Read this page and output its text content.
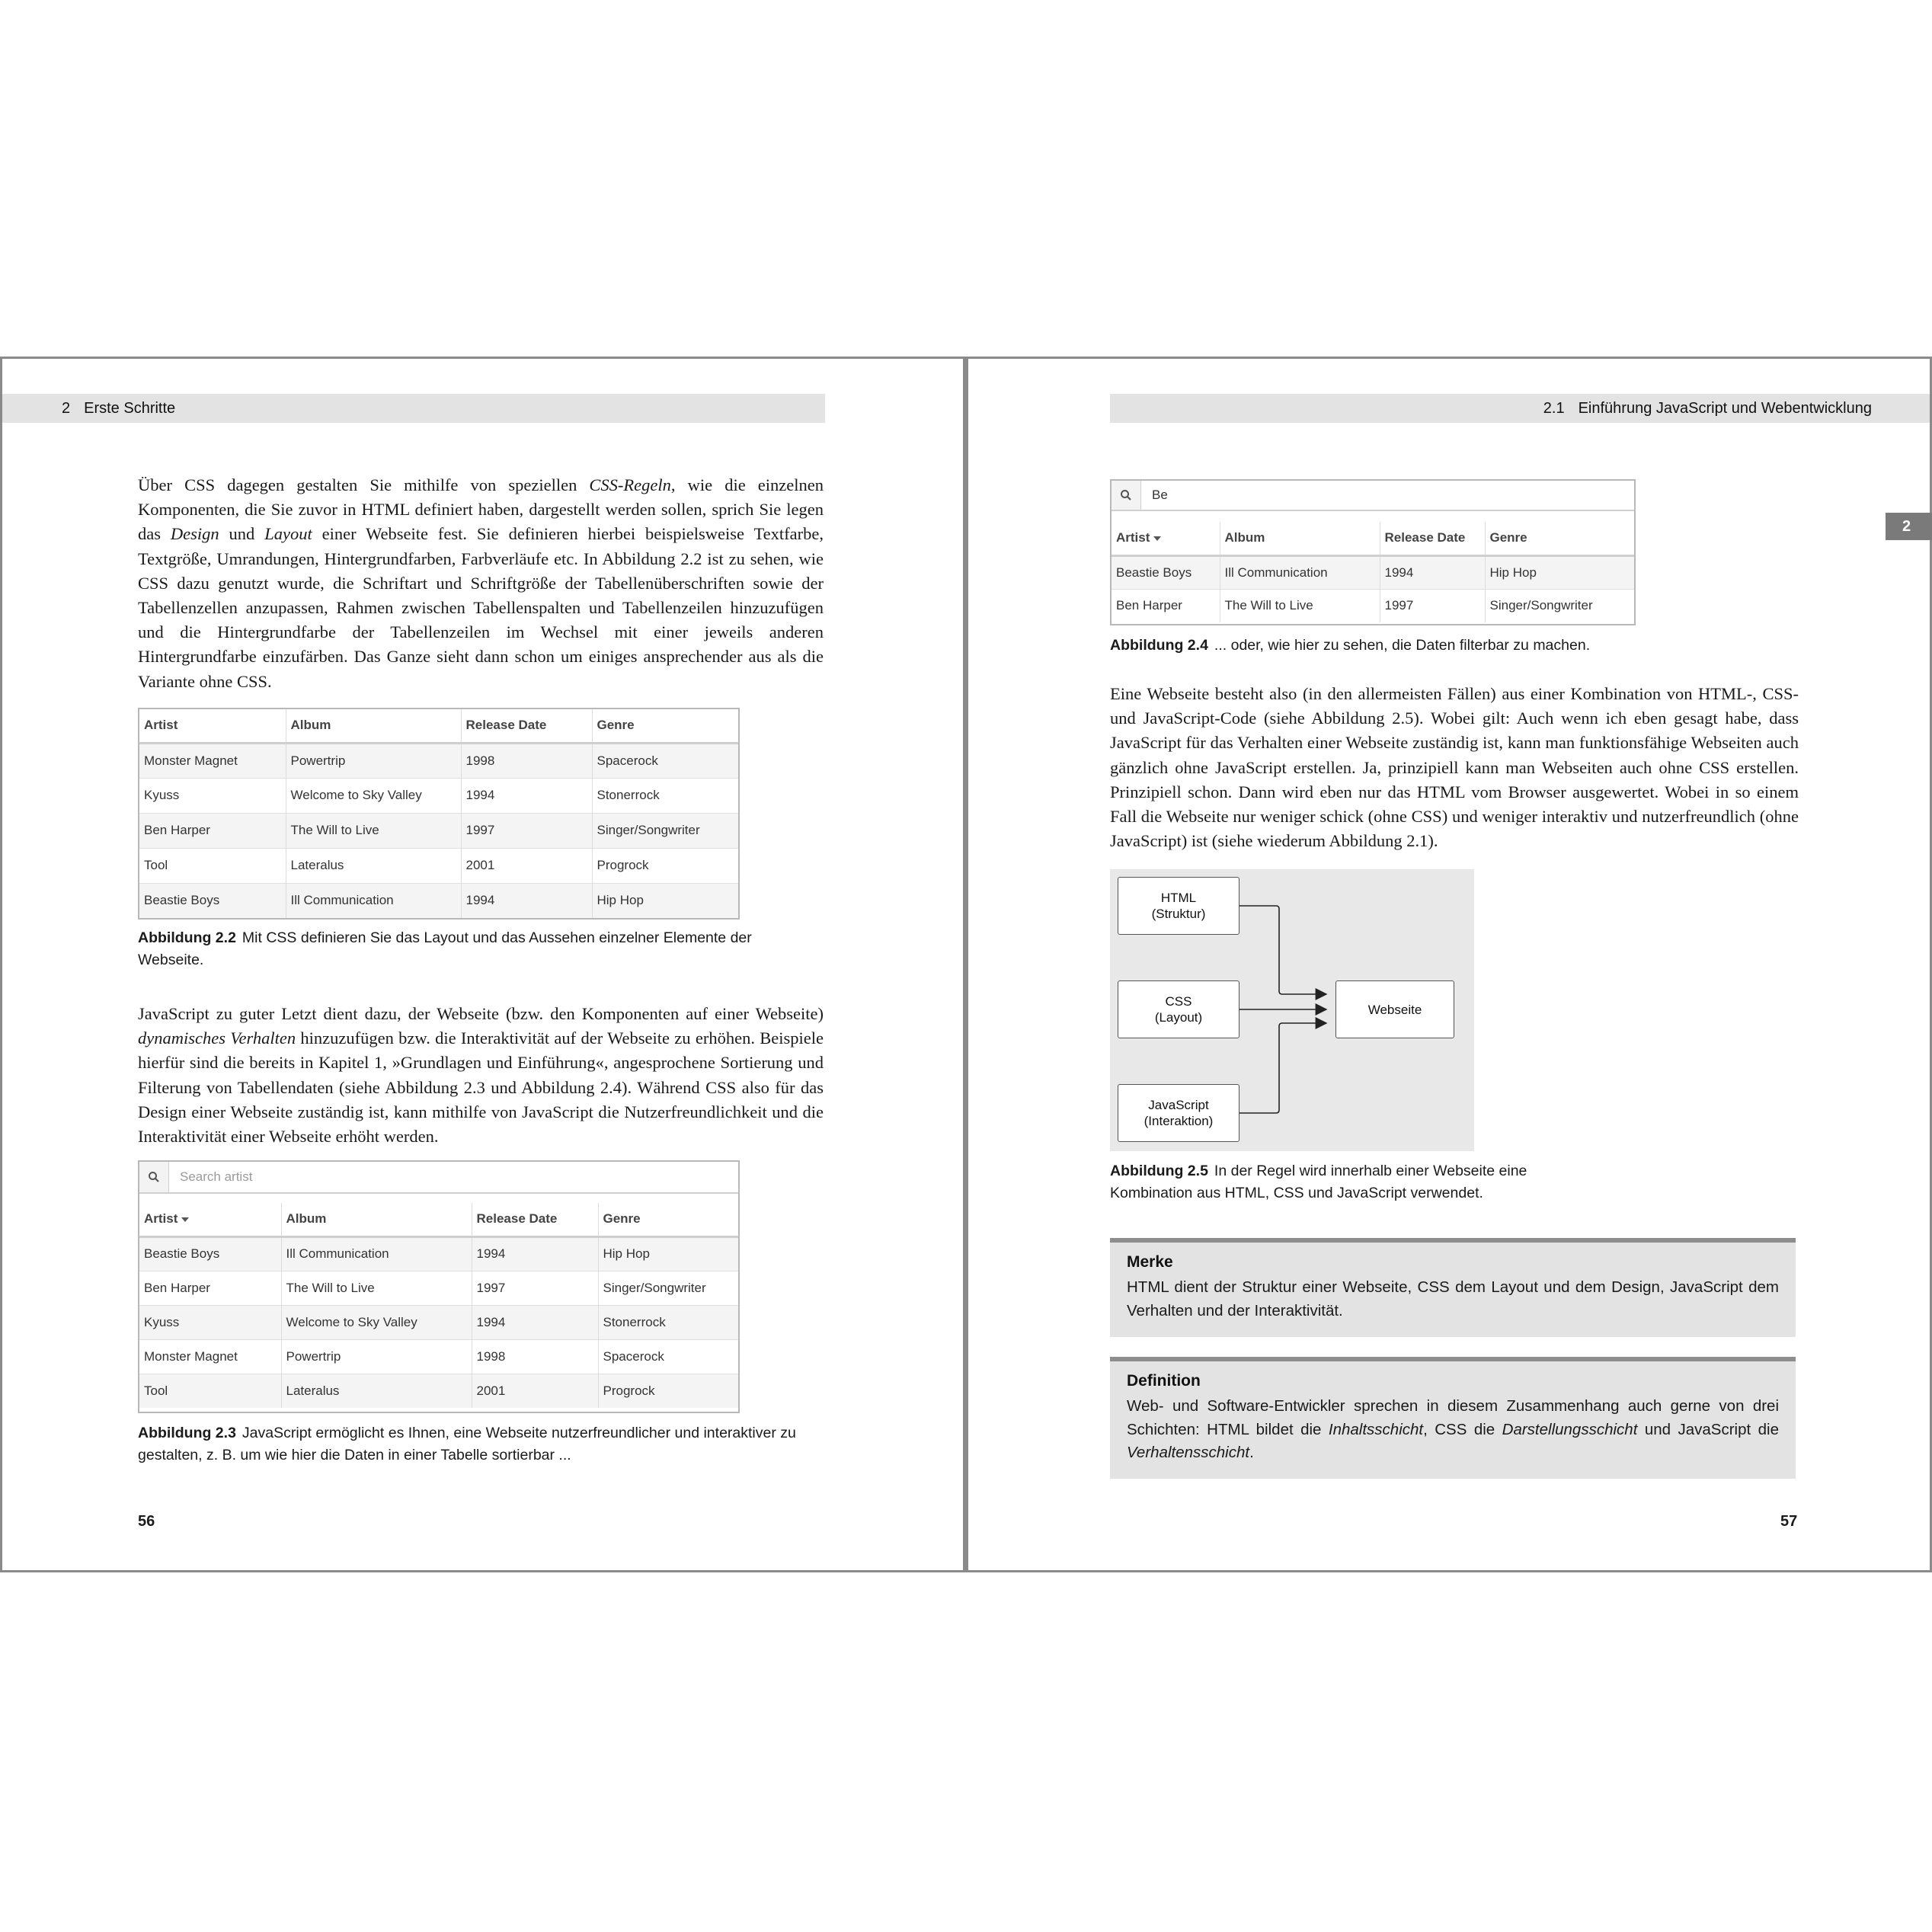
2 Erste Schritte
Über CSS dagegen gestalten Sie mithilfe von speziellen CSS-Regeln, wie die einzelnen Komponenten, die Sie zuvor in HTML definiert haben, dargestellt werden sollen, sprich Sie legen das Design und Layout einer Webseite fest. Sie definieren hierbei beispielsweise Textfarbe, Textgröße, Umrandungen, Hintergrundfarben, Farbverläufe etc. In Abbildung 2.2 ist zu sehen, wie CSS dazu genutzt wurde, die Schriftart und Schriftgröße der Tabellenüberschriften sowie der Tabellenzellen anzupassen, Rahmen zwischen Tabellenspalten und Tabellenzeilen hinzuzufügen und die Hintergrundfarbe der Tabellenzeilen im Wechsel mit einer jeweils anderen Hintergrundfarbe einzufärben. Das Ganze sieht dann schon um einiges ansprechender aus als die Variante ohne CSS.
Artist	Album	Release Date	Genre
Monster Magnet	Powertrip	1998	Spacerock
Kyuss	Welcome to Sky Valley	1994	Stonerrock
Ben Harper	The Will to Live	1997	Singer/Songwriter
Tool	Lateralus	2001	Progrock
Beastie Boys	Ill Communication	1994	Hip Hop
Abbildung 2.2 Mit CSS definieren Sie das Layout und das Aussehen einzelner Elemente der Webseite.
JavaScript zu guter Letzt dient dazu, der Webseite (bzw. den Komponenten auf einer Webseite) dynamisches Verhalten hinzuzufügen bzw. die Interaktivität auf der Webseite zu erhöhen. Beispiele hierfür sind die bereits in Kapitel 1, »Grundlagen und Einführung«, angesprochene Sortierung und Filterung von Tabellendaten (siehe Abbildung 2.3 und Abbildung 2.4). Während CSS also für das Design einer Webseite zuständig ist, kann mithilfe von JavaScript die Nutzerfreundlichkeit und die Interaktivität einer Webseite erhöht werden.
Search artist
Artist	Album	Release Date	Genre
Beastie Boys	Ill Communication	1994	Hip Hop
Ben Harper	The Will to Live	1997	Singer/Songwriter
Kyuss	Welcome to Sky Valley	1994	Stonerrock
Monster Magnet	Powertrip	1998	Spacerock
Tool	Lateralus	2001	Progrock
Abbildung 2.3 JavaScript ermöglicht es Ihnen, eine Webseite nutzerfreundlicher und interaktiver zu gestalten, z. B. um wie hier die Daten in einer Tabelle sortierbar ...
56
2.1 Einführung JavaScript und Webentwicklung
2
Be
Artist	Album	Release Date	Genre
Beastie Boys	Ill Communication	1994	Hip Hop
Ben Harper	The Will to Live	1997	Singer/Songwriter
Abbildung 2.4 ... oder, wie hier zu sehen, die Daten filterbar zu machen.
Eine Webseite besteht also (in den allermeisten Fällen) aus einer Kombination von HTML-, CSS- und JavaScript-Code (siehe Abbildung 2.5). Wobei gilt: Auch wenn ich eben gesagt habe, dass JavaScript für das Verhalten einer Webseite zuständig ist, kann man funktionsfähige Webseiten auch gänzlich ohne JavaScript erstellen. Ja, prinzipiell kann man Webseiten auch ohne CSS erstellen. Prinzipiell schon. Dann wird eben nur das HTML vom Browser ausgewertet. Wobei in so einem Fall die Webseite nur weniger schick (ohne CSS) und weniger interaktiv und nutzerfreundlich (ohne JavaScript) ist (siehe wiederum Abbildung 2.1).
HTML
(Struktur)
CSS
(Layout)
JavaScript
(Interaktion)
Webseite
Abbildung 2.5 In der Regel wird innerhalb einer Webseite eine Kombination aus HTML, CSS und JavaScript verwendet.
Merke
HTML dient der Struktur einer Webseite, CSS dem Layout und dem Design, JavaScript dem Verhalten und der Interaktivität.
Definition
Web- und Software-Entwickler sprechen in diesem Zusammenhang auch gerne von drei Schichten: HTML bildet die Inhaltsschicht, CSS die Darstellungsschicht und JavaScript die Verhaltensschicht.
57
